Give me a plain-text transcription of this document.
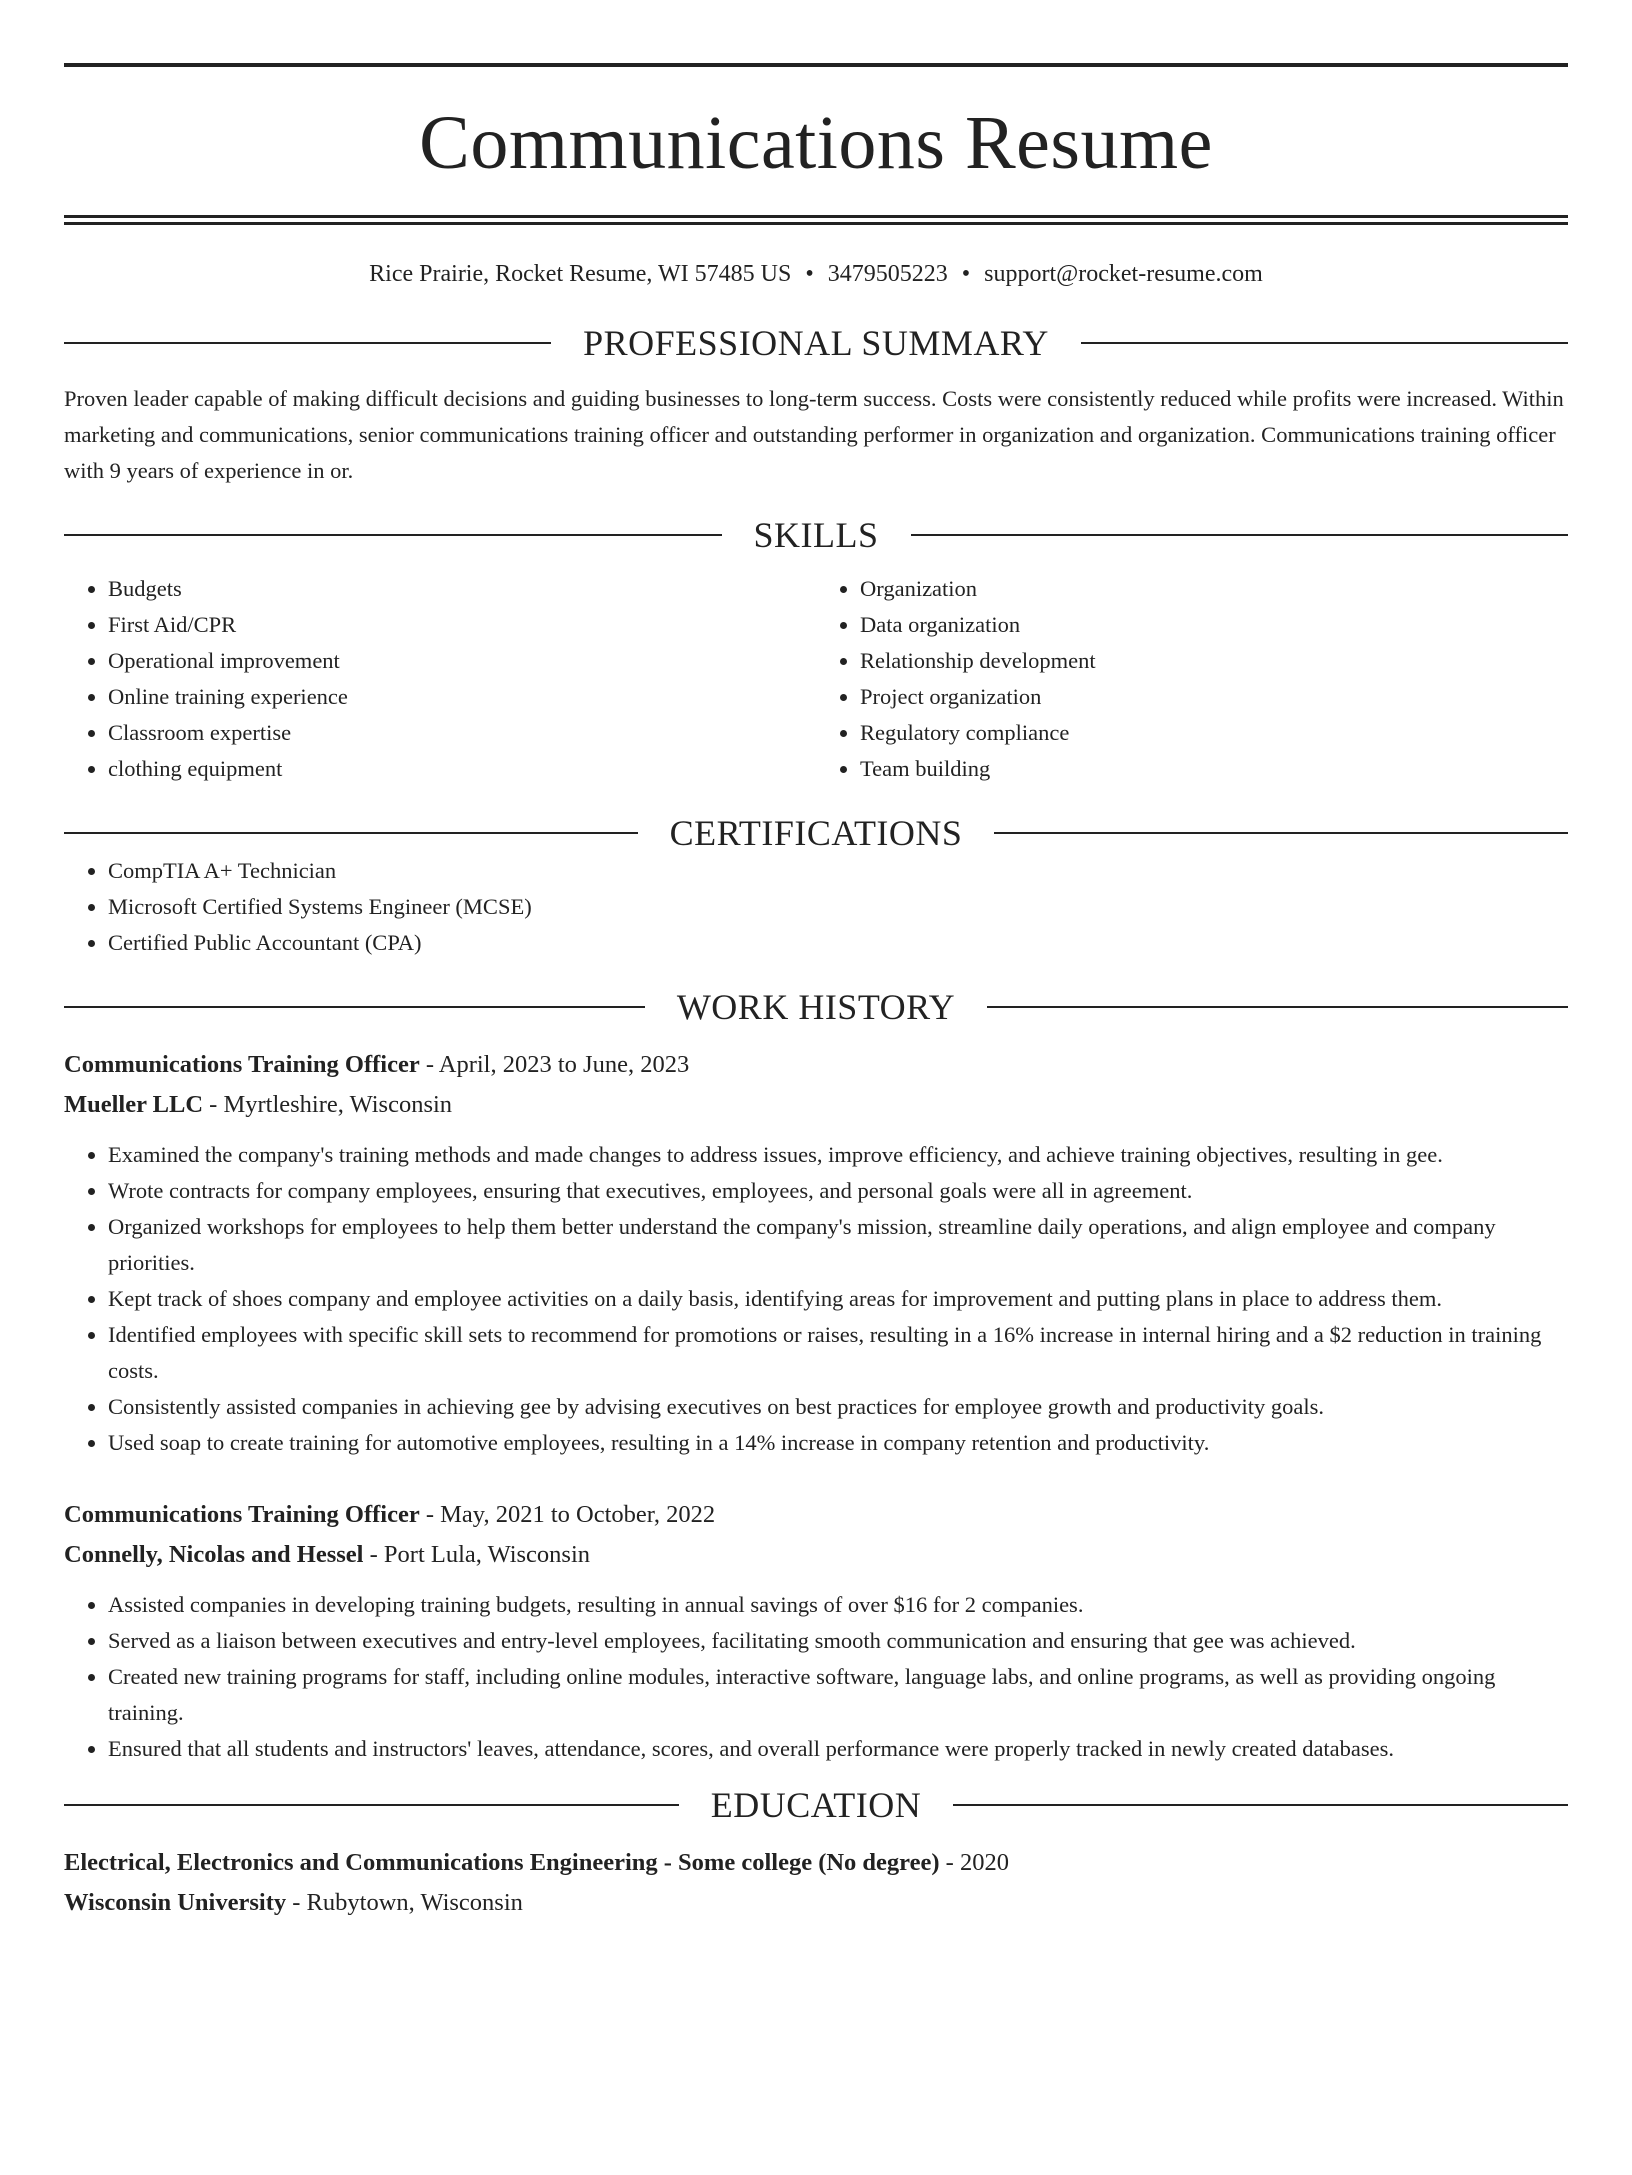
Communications Resume
Rice Prairie, Rocket Resume, WI 57485 US • 3479505223 • support@rocket-resume.com
PROFESSIONAL SUMMARY
Proven leader capable of making difficult decisions and guiding businesses to long-term success. Costs were consistently reduced while profits were increased. Within marketing and communications, senior communications training officer and outstanding performer in organization and organization. Communications training officer with 9 years of experience in or.
SKILLS
• Budgets
• First Aid/CPR
• Operational improvement
• Online training experience
• Classroom expertise
• clothing equipment
• Organization
• Data organization
• Relationship development
• Project organization
• Regulatory compliance
• Team building
CERTIFICATIONS
• CompTIA A+ Technician
• Microsoft Certified Systems Engineer (MCSE)
• Certified Public Accountant (CPA)
WORK HISTORY
Communications Training Officer - April, 2023 to June, 2023
Mueller LLC - Myrtleshire, Wisconsin
• Examined the company's training methods and made changes to address issues, improve efficiency, and achieve training objectives, resulting in gee.
• Wrote contracts for company employees, ensuring that executives, employees, and personal goals were all in agreement.
• Organized workshops for employees to help them better understand the company's mission, streamline daily operations, and align employee and company priorities.
• Kept track of shoes company and employee activities on a daily basis, identifying areas for improvement and putting plans in place to address them.
• Identified employees with specific skill sets to recommend for promotions or raises, resulting in a 16% increase in internal hiring and a $2 reduction in training costs.
• Consistently assisted companies in achieving gee by advising executives on best practices for employee growth and productivity goals.
• Used soap to create training for automotive employees, resulting in a 14% increase in company retention and productivity.
Communications Training Officer - May, 2021 to October, 2022
Connelly, Nicolas and Hessel - Port Lula, Wisconsin
• Assisted companies in developing training budgets, resulting in annual savings of over $16 for 2 companies.
• Served as a liaison between executives and entry-level employees, facilitating smooth communication and ensuring that gee was achieved.
• Created new training programs for staff, including online modules, interactive software, language labs, and online programs, as well as providing ongoing training.
• Ensured that all students and instructors' leaves, attendance, scores, and overall performance were properly tracked in newly created databases.
EDUCATION
Electrical, Electronics and Communications Engineering - Some college (No degree) - 2020
Wisconsin University - Rubytown, Wisconsin
